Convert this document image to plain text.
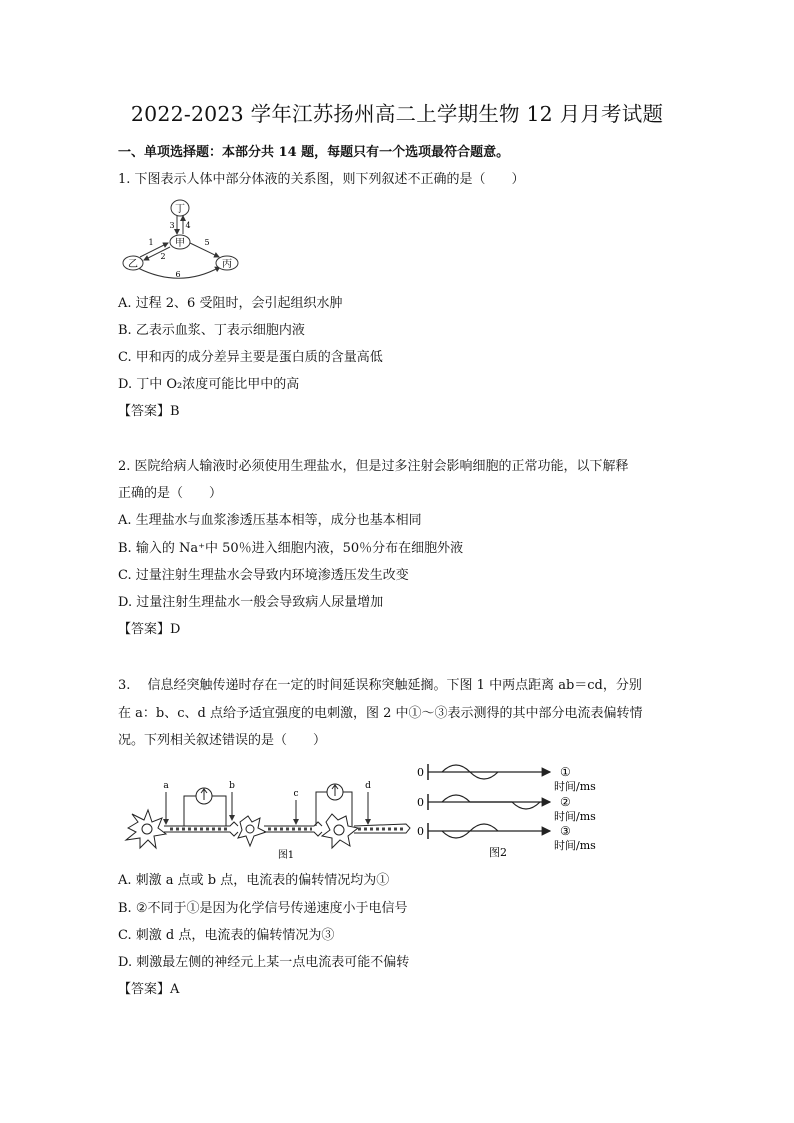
2022-2023 学年江苏扬州高二上学期生物 12 月月考试题
一、单项选择题：本部分共 14 题，每题只有一个选项最符合题意。
1. 下图表示人体中部分体液的关系图，则下列叙述不正确的是（　　）
丁
甲
乙	丙
1
2
3 4
5
6
A. 过程 2、6 受阻时，会引起组织水肿
B. 乙表示血浆、丁表示细胞内液
C. 甲和丙的成分差异主要是蛋白质的含量高低
D. 丁中 O₂浓度可能比甲中的高
【答案】B
2. 医院给病人输液时必须使用生理盐水，但是过多注射会影响细胞的正常功能，以下解释
正确的是（　　）
A. 生理盐水与血浆渗透压基本相等，成分也基本相同
B. 输入的 Na⁺中 50％进入细胞内液，50％分布在细胞外液
C. 过量注射生理盐水会导致内环境渗透压发生改变
D. 过量注射生理盐水一般会导致病人尿量增加
【答案】D
3.　 信息经突触传递时存在一定的时间延误称突触延搁。下图 1 中两点距离 ab＝cd，分别
在 a：b、c、d 点给予适宜强度的电刺激，图 2 中①～③表示测得的其中部分电流表偏转情
况。下列相关叙述错误的是（　　）
a	b
c
d
图1
0	①
时间/ms
0	②
时间/ms
0	③
时间/ms
图2
A. 刺激 a 点或 b 点，电流表的偏转情况均为①
B. ②不同于①是因为化学信号传递速度小于电信号
C. 刺激 d 点，电流表的偏转情况为③
D. 刺激最左侧的神经元上某一点电流表可能不偏转
【答案】A
